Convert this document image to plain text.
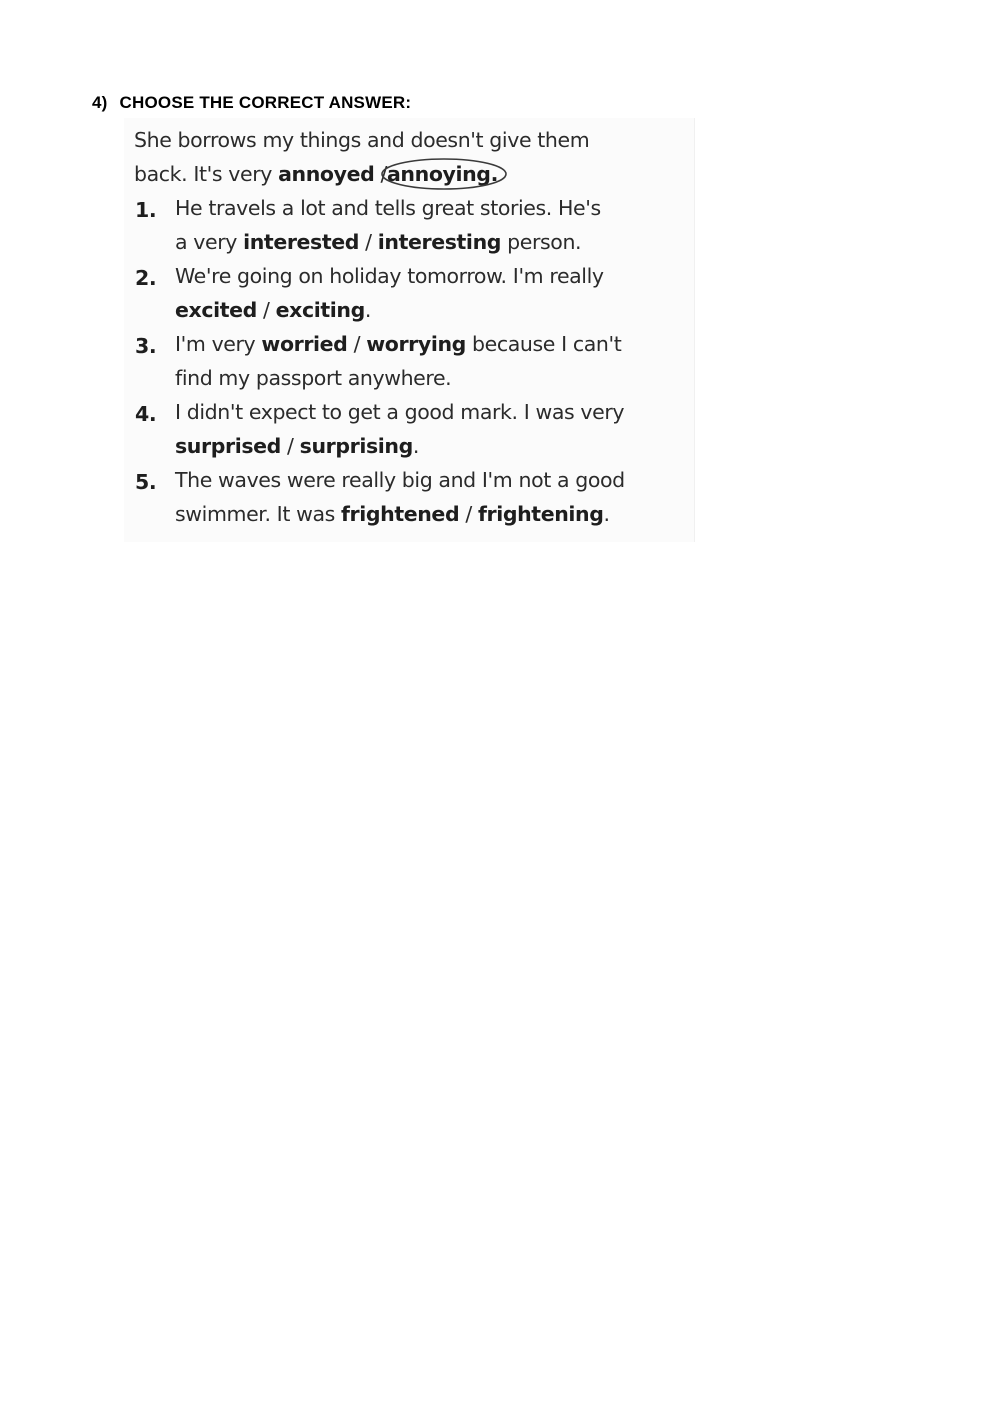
4) CHOOSE THE CORRECT ANSWER:
She borrows my things and doesn't give them
back. It's very annoyed /annoying.
1. He travels a lot and tells great stories. He's
a very interested / interesting person.
2. We're going on holiday tomorrow. I'm really
excited / exciting.
3. I'm very worried / worrying because I can't
find my passport anywhere.
4. I didn't expect to get a good mark. I was very
surprised / surprising.
5. The waves were really big and I'm not a good
swimmer. It was frightened / frightening.
